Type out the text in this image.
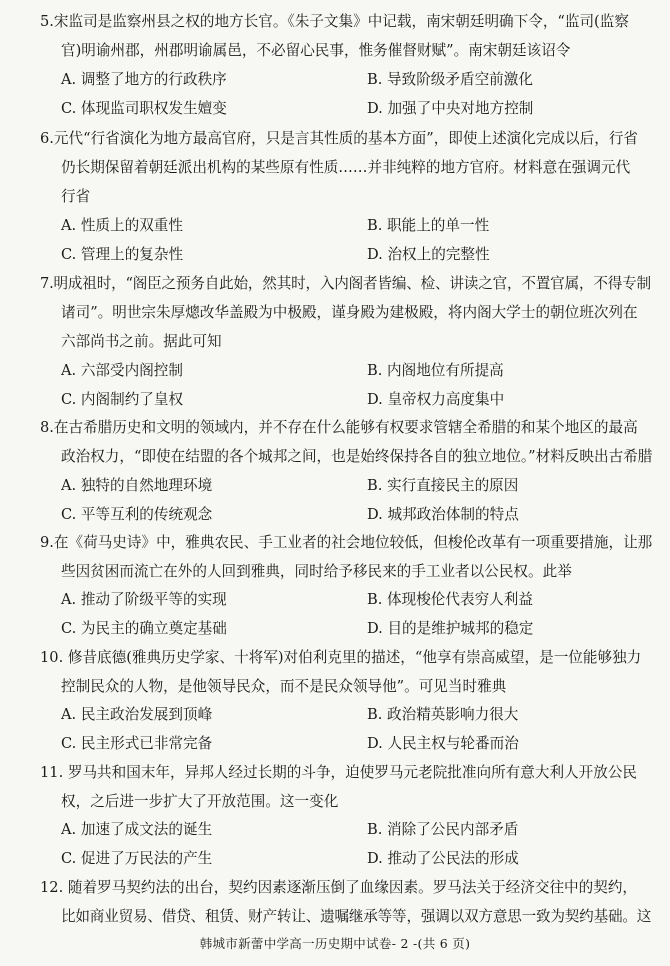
5.宋监司是监察州县之权的地方长官。《朱子文集》中记载，南宋朝廷明确下令，“监司(监察
官)明谕州郡，州郡明谕属邑，不必留心民事，惟务催督财赋”。南宋朝廷该诏令
A. 调整了地方的行政秩序	B. 导致阶级矛盾空前激化
C. 体现监司职权发生嬗变	D. 加强了中央对地方控制
6.元代“行省演化为地方最高官府，只是言其性质的基本方面”，即使上述演化完成以后，行省
仍长期保留着朝廷派出机构的某些原有性质……并非纯粹的地方官府。材料意在强调元代
行省
A. 性质上的双重性	B. 职能上的单一性
C. 管理上的复杂性	D. 治权上的完整性
7.明成祖时，“阁臣之预务自此始，然其时，入内阁者皆编、检、讲读之官，不置官属，不得专制
诸司”。明世宗朱厚熜改华盖殿为中极殿，谨身殿为建极殿，将内阁大学士的朝位班次列在
六部尚书之前。据此可知
A. 六部受内阁控制	B. 内阁地位有所提高
C. 内阁制约了皇权	D. 皇帝权力高度集中
8.在古希腊历史和文明的领域内，并不存在什么能够有权要求管辖全希腊的和某个地区的最高
政治权力，“即使在结盟的各个城邦之间，也是始终保持各自的独立地位。”材料反映出古希腊
A. 独特的自然地理环境	B. 实行直接民主的原因
C. 平等互利的传统观念	D. 城邦政治体制的特点
9.在《荷马史诗》中，雅典农民、手工业者的社会地位较低，但梭伦改革有一项重要措施，让那
些因贫困而流亡在外的人回到雅典，同时给予移民来的手工业者以公民权。此举
A. 推动了阶级平等的实现	B. 体现梭伦代表穷人利益
C. 为民主的确立奠定基础	D. 目的是维护城邦的稳定
10. 修昔底德(雅典历史学家、十将军)对伯利克里的描述，“他享有崇高威望，是一位能够独力
控制民众的人物，是他领导民众，而不是民众领导他”。可见当时雅典
A. 民主政治发展到顶峰	B. 政治精英影响力很大
C. 民主形式已非常完备	D. 人民主权与轮番而治
11. 罗马共和国末年，异邦人经过长期的斗争，迫使罗马元老院批准向所有意大利人开放公民
权，之后进一步扩大了开放范围。这一变化
A. 加速了成文法的诞生	B. 消除了公民内部矛盾
C. 促进了万民法的产生	D. 推动了公民法的形成
12. 随着罗马契约法的出台，契约因素逐渐压倒了血缘因素。罗马法关于经济交往中的契约，
比如商业贸易、借贷、租赁、财产转让、遗嘱继承等等，强调以双方意思一致为契约基础。这
韩城市新蕾中学高一历史期中试卷- 2 -(共 6 页)
